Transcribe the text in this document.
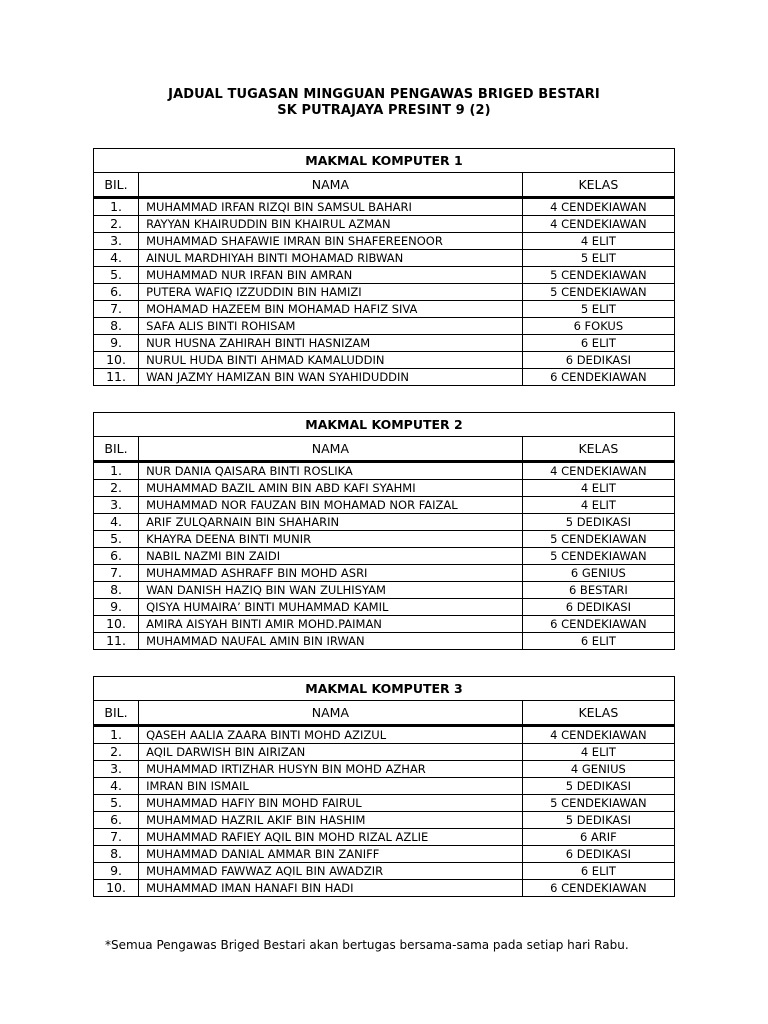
JADUAL TUGASAN MINGGUAN PENGAWAS BRIGED BESTARI
SK PUTRAJAYA PRESINT 9 (2)
MAKMAL KOMPUTER 1		
BIL.	NAMA	KELAS
1.	MUHAMMAD IRFAN RIZQI BIN SAMSUL BAHARI	4 CENDEKIAWAN
2.	RAYYAN KHAIRUDDIN BIN KHAIRUL AZMAN	4 CENDEKIAWAN
3.	MUHAMMAD SHAFAWIE IMRAN BIN SHAFEREENOOR	4 ELIT
4.	AINUL MARDHIYAH BINTI MOHAMAD RIBWAN	5 ELIT
5.	MUHAMMAD NUR IRFAN BIN AMRAN	5 CENDEKIAWAN
6.	PUTERA WAFIQ IZZUDDIN BIN HAMIZI	5 CENDEKIAWAN
7.	MOHAMAD HAZEEM BIN MOHAMAD HAFIZ SIVA	5 ELIT
8.	SAFA ALIS BINTI ROHISAM	6 FOKUS
9.	NUR HUSNA ZAHIRAH BINTI HASNIZAM	6 ELIT
10.	NURUL HUDA BINTI AHMAD KAMALUDDIN	6 DEDIKASI
11.	WAN JAZMY HAMIZAN BIN WAN SYAHIDUDDIN	6 CENDEKIAWAN
MAKMAL KOMPUTER 2		
BIL.	NAMA	KELAS
1.	NUR DANIA QAISARA BINTI ROSLIKA	4 CENDEKIAWAN
2.	MUHAMMAD BAZIL AMIN BIN ABD KAFI SYAHMI	4 ELIT
3.	MUHAMMAD NOR FAUZAN BIN MOHAMAD NOR FAIZAL	4 ELIT
4.	ARIF ZULQARNAIN BIN SHAHARIN	5 DEDIKASI
5.	KHAYRA DEENA BINTI MUNIR	5 CENDEKIAWAN
6.	NABIL NAZMI BIN ZAIDI	5 CENDEKIAWAN
7.	MUHAMMAD ASHRAFF BIN MOHD ASRI	6 GENIUS
8.	WAN DANISH HAZIQ BIN WAN ZULHISYAM	6 BESTARI
9.	QISYA HUMAIRA’ BINTI MUHAMMAD KAMIL	6 DEDIKASI
10.	AMIRA AISYAH BINTI AMIR MOHD.PAIMAN	6 CENDEKIAWAN
11.	MUHAMMAD NAUFAL AMIN BIN IRWAN	6 ELIT
MAKMAL KOMPUTER 3		
BIL.	NAMA	KELAS
1.	QASEH AALIA ZAARA BINTI MOHD AZIZUL	4 CENDEKIAWAN
2.	AQIL DARWISH BIN AIRIZAN	4 ELIT
3.	MUHAMMAD IRTIZHAR HUSYN BIN MOHD AZHAR	4 GENIUS
4.	IMRAN BIN ISMAIL	5 DEDIKASI
5.	MUHAMMAD HAFIY BIN MOHD FAIRUL	5 CENDEKIAWAN
6.	MUHAMMAD HAZRIL AKIF BIN HASHIM	5 DEDIKASI
7.	MUHAMMAD RAFIEY AQIL BIN MOHD RIZAL AZLIE	6 ARIF
8.	MUHAMMAD DANIAL AMMAR BIN ZANIFF	6 DEDIKASI
9.	MUHAMMAD FAWWAZ AQIL BIN AWADZIR	6 ELIT
10.	MUHAMMAD IMAN HANAFI BIN HADI	6 CENDEKIAWAN
*Semua Pengawas Briged Bestari akan bertugas bersama-sama pada setiap hari Rabu.
